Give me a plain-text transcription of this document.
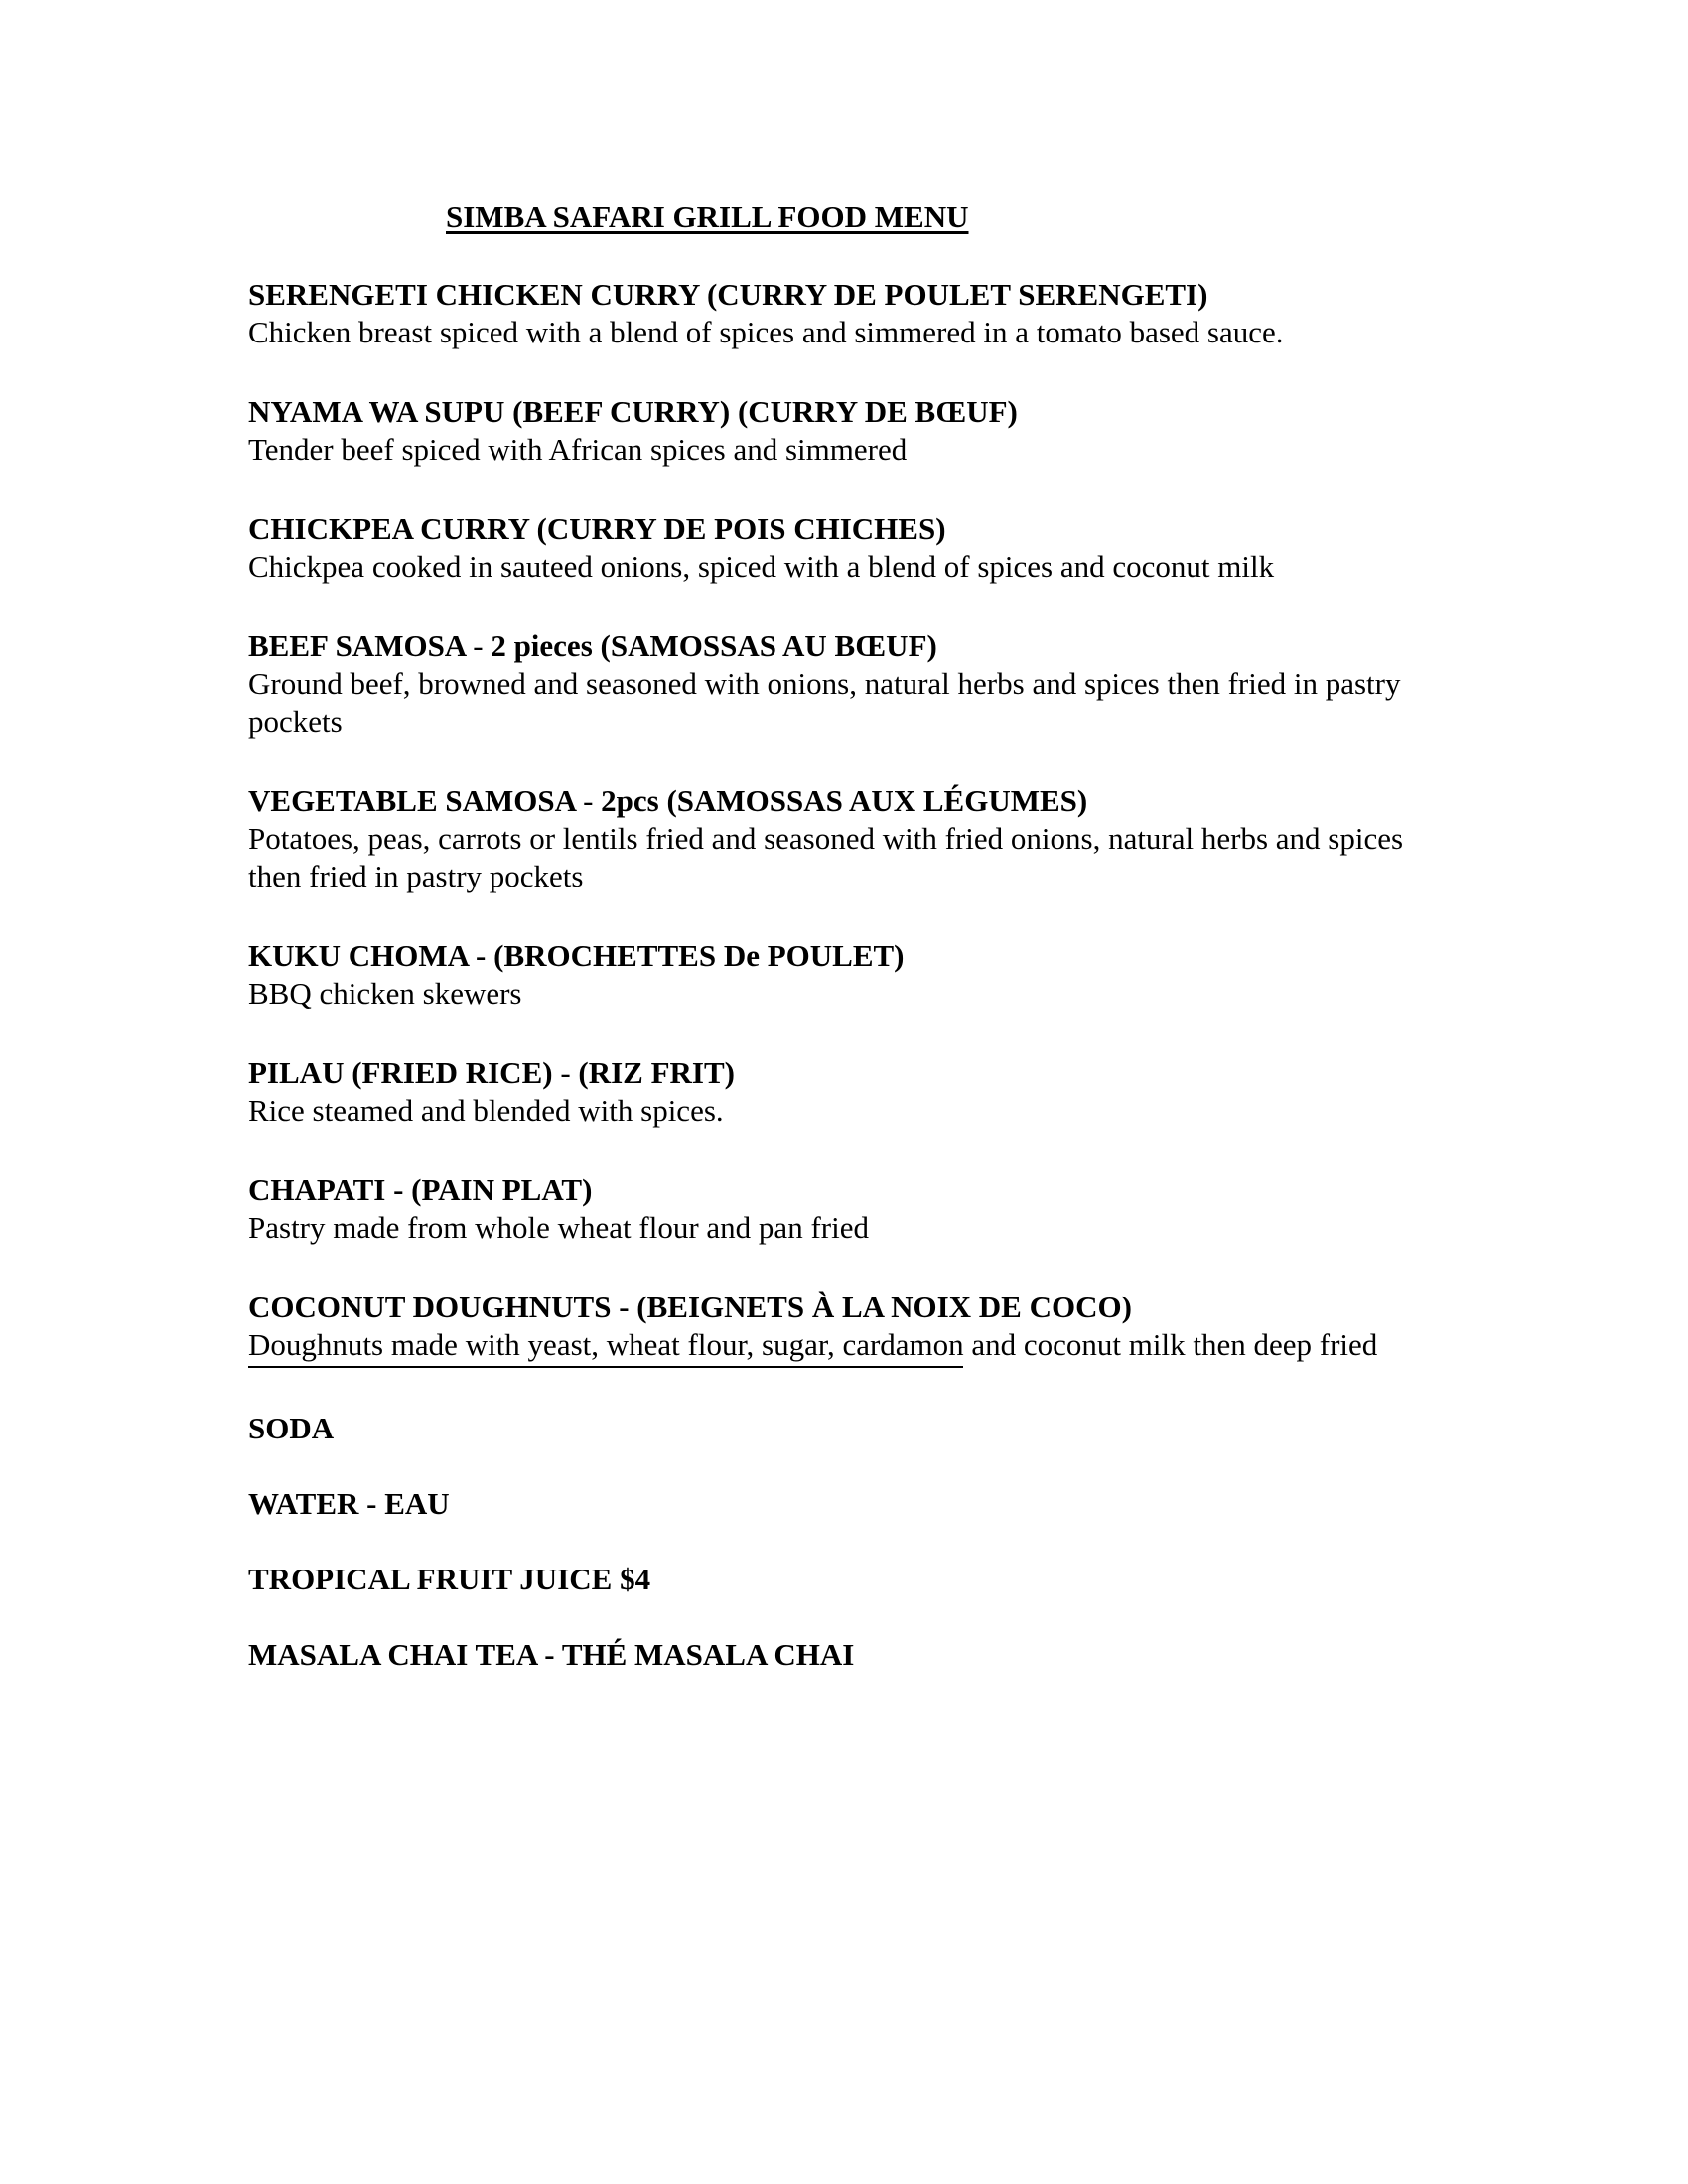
SIMBA SAFARI GRILL FOOD MENU

SERENGETI CHICKEN CURRY (CURRY DE POULET SERENGETI)

Chicken breast spiced with a blend of spices and simmered in a tomato based sauce.

NYAMA WA SUPU (BEEF CURRY) (CURRY DE BŒUF)

Tender beef spiced with African spices and simmered

CHICKPEA CURRY (CURRY DE POIS CHICHES)

Chickpea cooked in sauteed onions, spiced with a blend of spices and coconut milk

BEEF SAMOSA - 2 pieces (SAMOSSAS AU BŒUF)

Ground beef, browned and seasoned with onions, natural herbs and spices then fried in pastry pockets

VEGETABLE SAMOSA - 2pcs (SAMOSSAS AUX LÉGUMES)

Potatoes, peas, carrots or lentils fried and seasoned with fried onions, natural herbs and spices then fried in pastry pockets

KUKU CHOMA - (BROCHETTES De POULET)

BBQ chicken skewers

PILAU (FRIED RICE) - (RIZ FRIT)

Rice steamed and blended with spices.

CHAPATI - (PAIN PLAT)

Pastry made from whole wheat flour and pan fried

COCONUT DOUGHNUTS - (BEIGNETS À LA NOIX DE COCO)

Doughnuts made with yeast, wheat flour, sugar, cardamon and coconut milk then deep fried

SODA

WATER - EAU

TROPICAL FRUIT JUICE $4

MASALA CHAI TEA - THÉ MASALA CHAI
